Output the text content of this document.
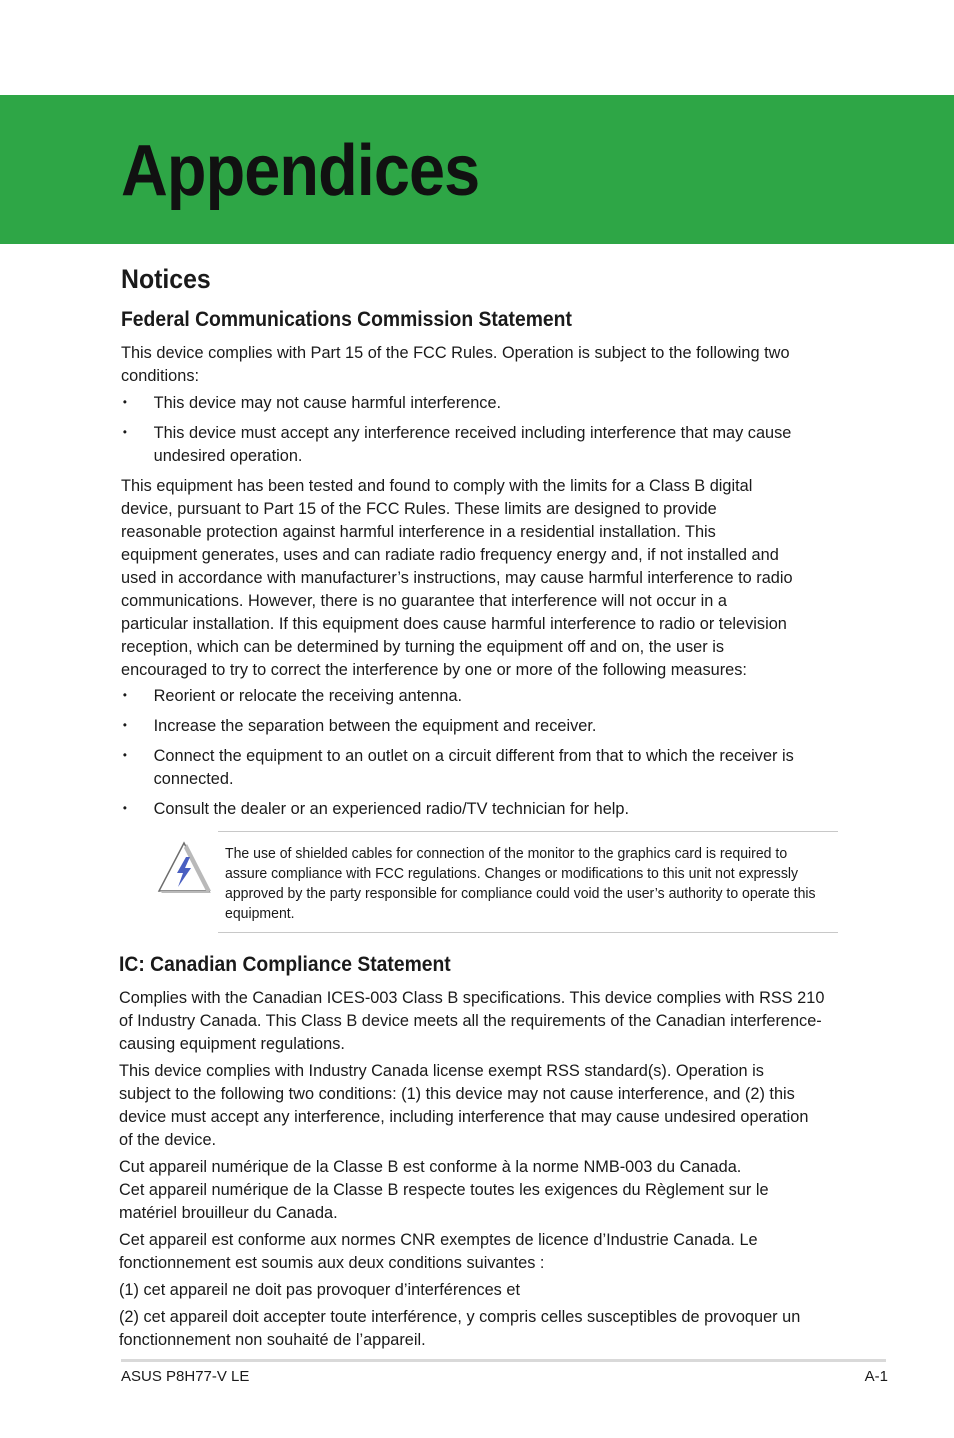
Appendices
Notices
Federal Communications Commission Statement

This device complies with Part 15 of the FCC Rules. Operation is subject to the following two conditions:

• This device may not cause harmful interference.
• This device must accept any interference received including interference that may cause undesired operation.

This equipment has been tested and found to comply with the limits for a Class B digital device, pursuant to Part 15 of the FCC Rules. These limits are designed to provide reasonable protection against harmful interference in a residential installation. This equipment generates, uses and can radiate radio frequency energy and, if not installed and used in accordance with manufacturer’s instructions, may cause harmful interference to radio communications. However, there is no guarantee that interference will not occur in a particular installation. If this equipment does cause harmful interference to radio or television reception, which can be determined by turning the equipment off and on, the user is encouraged to try to correct the interference by one or more of the following measures:

• Reorient or relocate the receiving antenna.
• Increase the separation between the equipment and receiver.
• Connect the equipment to an outlet on a circuit different from that to which the receiver is connected.
• Consult the dealer or an experienced radio/TV technician for help.

The use of shielded cables for connection of the monitor to the graphics card is required to assure compliance with FCC regulations. Changes or modifications to this unit not expressly approved by the party responsible for compliance could void the user’s authority to operate this equipment.

IC: Canadian Compliance Statement

Complies with the Canadian ICES-003 Class B specifications. This device complies with RSS 210 of Industry Canada. This Class B device meets all the requirements of the Canadian interference-causing equipment regulations.

This device complies with Industry Canada license exempt RSS standard(s). Operation is subject to the following two conditions: (1) this device may not cause interference, and (2) this device must accept any interference, including interference that may cause undesired operation of the device.

Cut appareil numérique de la Classe B est conforme à la norme NMB-003 du Canada.

Cet appareil numérique de la Classe B respecte toutes les exigences du Règlement sur le matériel brouilleur du Canada.

Cet appareil est conforme aux normes CNR exemptes de licence d’Industrie Canada. Le fonctionnement est soumis aux deux conditions suivantes :

(1) cet appareil ne doit pas provoquer d’interférences et

(2) cet appareil doit accepter toute interférence, y compris celles susceptibles de provoquer un fonctionnement non souhaité de l’appareil.

ASUS P8H77-V LE	A-1
